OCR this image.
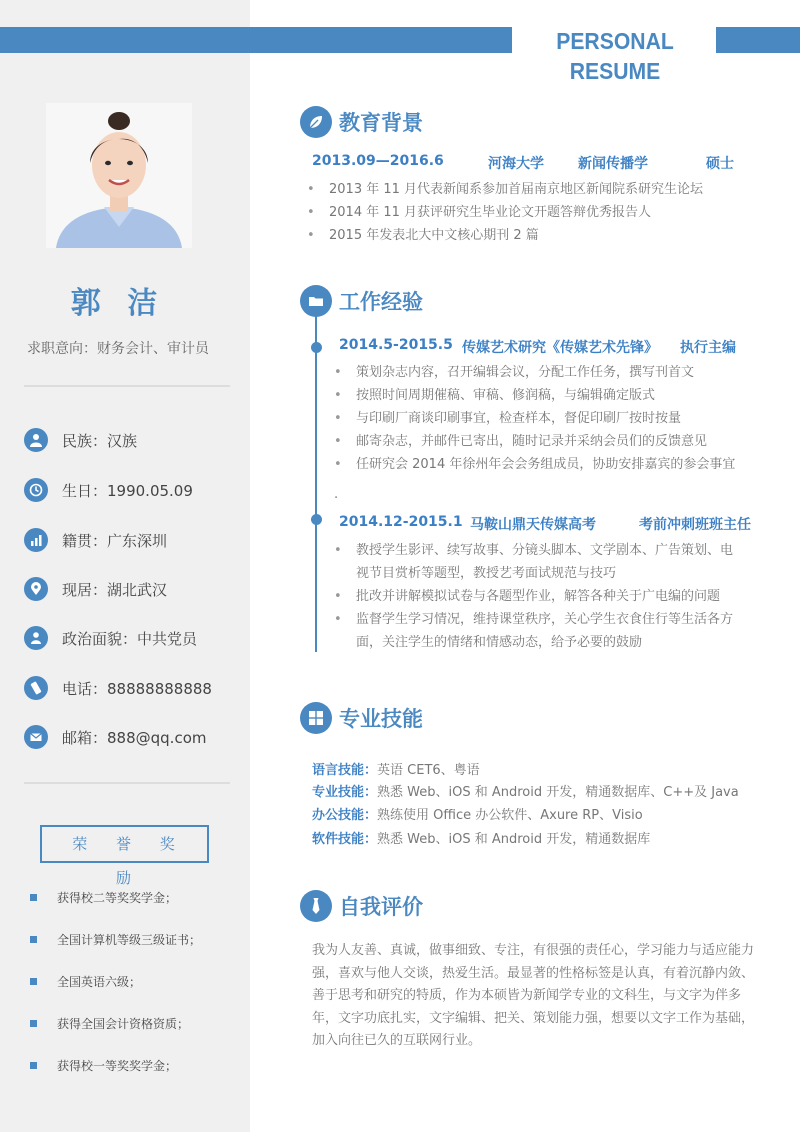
PERSONAL RESUME
郭 洁
求职意向：财务会计、审计员
民族：汉族
生日：1990.05.09
籍贯：广东深圳
现居：湖北武汉
政治面貌：中共党员
电话：88888888888
邮箱：888@qq.com
荣 誉 奖 励
获得校二等奖奖学金；
全国计算机等级三级证书；
全国英语六级；
获得全国会计资格资质；
获得校一等奖奖学金；
教育背景
2013.09—2016.6	河海大学 新闻传播学	硕士
• 2013 年 11 月代表新闻系参加首届南京地区新闻院系研究生论坛
• 2014 年 11 月获评研究生毕业论文开题答辩优秀报告人
• 2015 年发表北大中文核心期刊 2 篇
工作经验
2014.5-2015.5 传媒艺术研究《传媒艺术先锋》 执行主编
• 策划杂志内容，召开编辑会议，分配工作任务，撰写刊首文
• 按照时间周期催稿、审稿、修润稿，与编辑确定版式
• 与印刷厂商谈印刷事宜，检查样本，督促印刷厂按时按量
• 邮寄杂志，并邮件已寄出，随时记录并采纳会员们的反馈意见
• 任研究会 2014 年徐州年会会务组成员，协助安排嘉宾的参会事宜
.
2014.12-2015.1 马鞍山鼎天传媒高考	考前冲刺班班主任
• 教授学生影评、续写故事、分镜头脚本、文学剧本、广告策划、电
视节目赏析等题型，教授艺考面试规范与技巧
• 批改并讲解模拟试卷与各题型作业，解答各种关于广电编的问题
• 监督学生学习情况，维持课堂秩序，关心学生衣食住行等生活各方
面，关注学生的情绪和情感动态，给予必要的鼓励
专业技能
语言技能：英语 CET6、粤语
专业技能：熟悉 Web、iOS 和 Android 开发，精通数据库、C++及 Java
办公技能：熟练使用 Office 办公软件、Axure RP、Visio
软件技能：熟悉 Web、iOS 和 Android 开发，精通数据库
自我评价
我为人友善、真诚，做事细致、专注，有很强的责任心，学习能力与适应能力强，喜欢与他人交谈，热爱生活。最显著的性格标签是认真，有着沉静内敛、善于思考和研究的特质，作为本硕皆为新闻学专业的文科生，与文字为伴多年，文字功底扎实，文字编辑、把关、策划能力强，想要以文字工作为基础，加入向往已久的互联网行业。
